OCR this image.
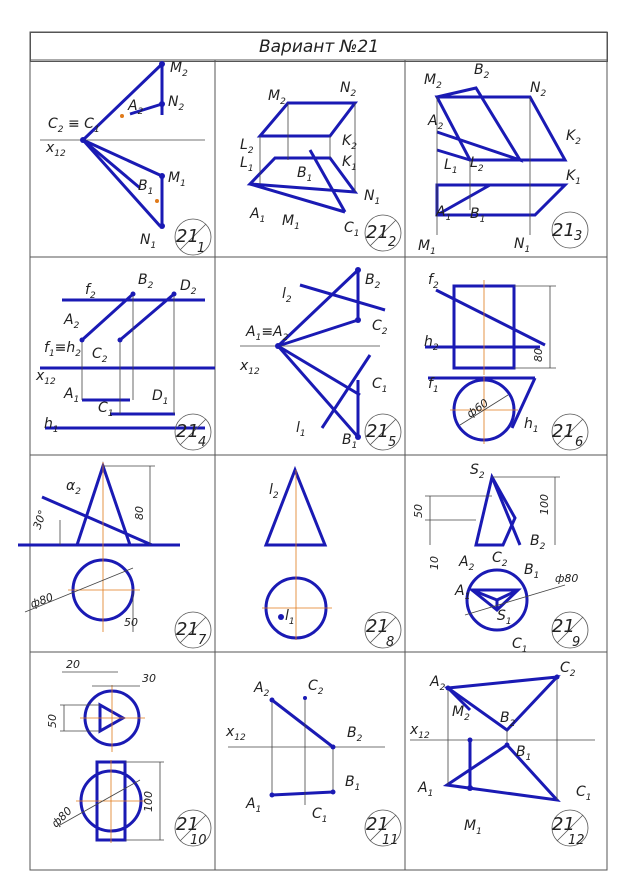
Вариант №21
$M_2$
$N_2$
$A_2$
$C_2 \equiv C_1$
$x_{12}$
$M_1$
$B_1$
$N_1$
$M_2$
$N_2$
$L_2$
$L_1$
$K_2$
$K_1$
$B_1$
$N_1$
$A_1$ $M_1$	$C_1$
$M_2$
$B_2$
$N_2$
$A_2$
$L_1$ $L_2$
$K_2$
$K_1$
$A_1$ $B_1$
$M_1$	$N_1$
$f_2$
$B_2$ $D_2$
$A_2$
$f_1\equiv h_2$ $C_2$
$x_{12}$
$A_1$ $C_1$
$D_1$
$h_1$
$B_2$
$l_2$
$C_2$
$A_1\equiv A_2$
$x_{12}$
$C_1$
$l_1$	$B_1$
80
ф60
$f_2$
$h_2$
$f_1$
$h_1$
80
30°
ф80
50
$\alpha_2$	$l_2$
$l_1$
100
50
10
ф80
$S_2$
$A_2$
$C_2$
$B_2$
$B_1$
$A_1$
$S_1$
$C_1$
20
30
50
ф80
100
$A_2$	$C_2$
$x_{12}$	$B_2$
$B_1$
$A_1$	$C_1$
$A_2$
$C_2$
$M_2$ $B_2$
$x_{12}$
$B_1$
$A_1$	$C_1$
$M_1$
21
1
21 2
21 3
21
4
21
5
21
6
21
7
21
8
21
9
21
10
21
11
21
12
